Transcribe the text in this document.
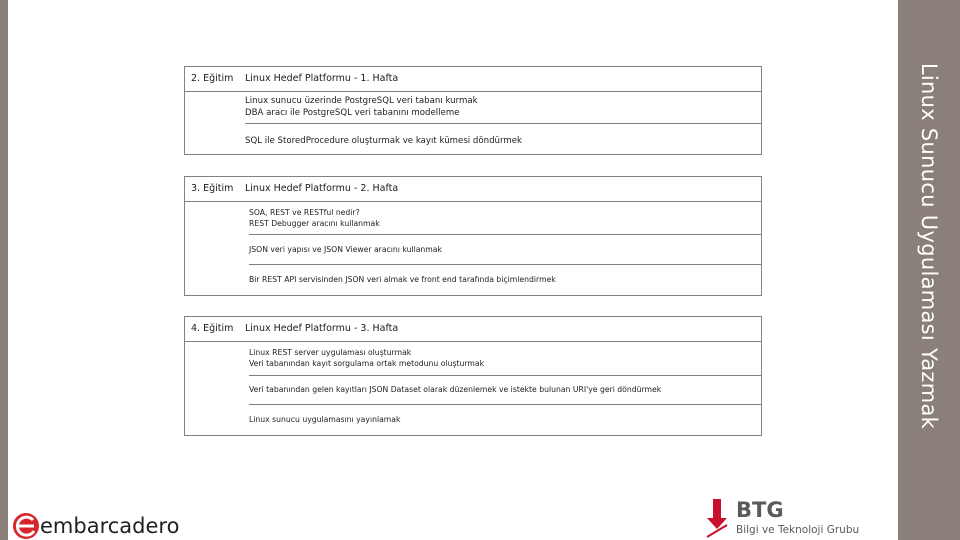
Linux Sunucu Uygulaması Yazmak
2. Eğitim Linux Hedef Platformu - 1. Hafta
Linux sunucu üzerinde PostgreSQL veri tabanı kurmak
DBA aracı ile PostgreSQL veri tabanını modelleme
SQL ile StoredProcedure oluşturmak ve kayıt kümesi döndürmek
3. Eğitim Linux Hedef Platformu - 2. Hafta
SOA, REST ve RESTful nedir?
REST Debugger aracını kullanmak
JSON veri yapısı ve JSON Viewer aracını kullanmak
Bir REST API servisinden JSON veri almak ve front end tarafında biçimlendirmek
4. Eğitim Linux Hedef Platformu - 3. Hafta
Linux REST server uygulaması oluşturmak
Veri tabanından kayıt sorgulama ortak metodunu oluşturmak
Veri tabanından gelen kayıtları JSON Dataset olarak düzenlemek ve istekte bulunan URI'ye geri döndürmek
Linux sunucu uygulamasını yayınlamak
embarcadero
BTG
Bilgi ve Teknoloji Grubu
